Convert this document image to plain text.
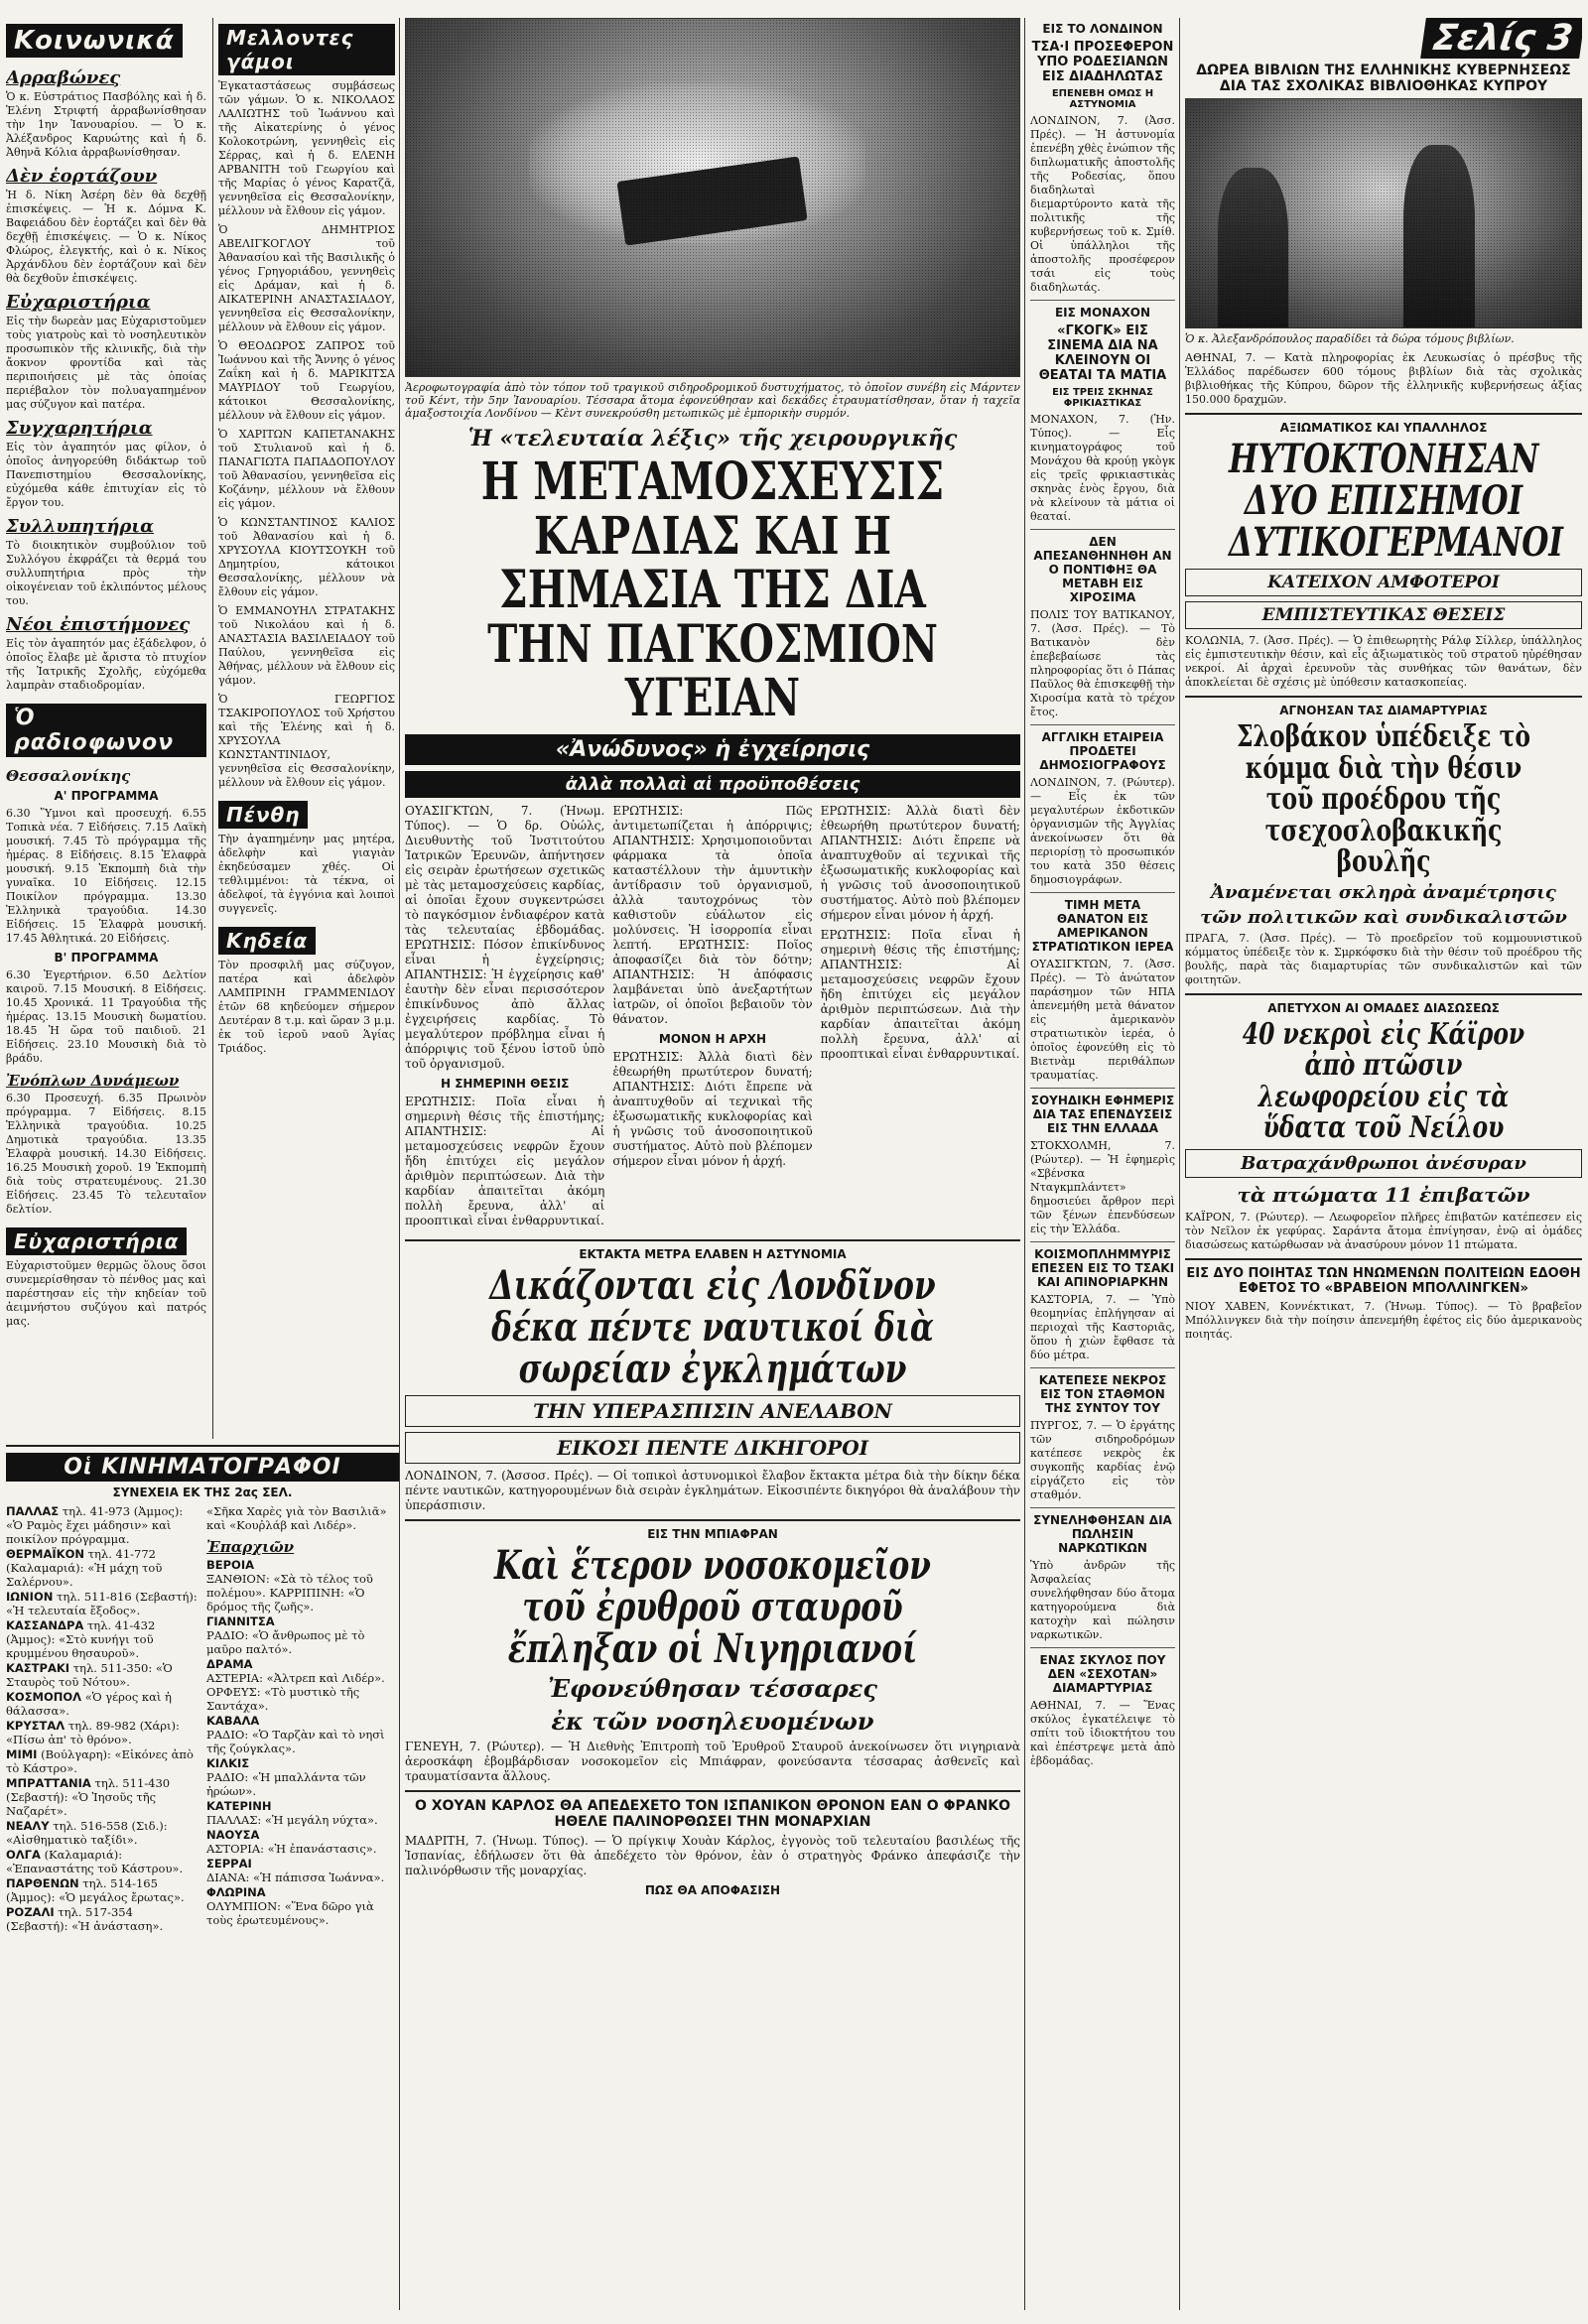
Κοινωνικά
Αρραβώνες

Ὁ κ. Εὐστράτιος Πασβόλης καὶ ἡ δ. Ἑλένη Στριφτή ἀρραβωνίσθησαν τὴν 1ην Ἰανουαρίου. — Ὁ κ. Ἀλέξανδρος Καρυώτης καὶ ἡ δ. Ἀθηνᾶ Κόλια ἀρραβωνίσθησαν.

Δὲν ἑορτάζουν

Ἡ δ. Νίκη Ἀσέρη δὲν θὰ δεχθῇ ἐπισκέψεις. — Ἡ κ. Δόμνα Κ. Βαφειάδου δὲν ἑορτάζει καὶ δὲν θὰ δεχθῇ ἐπισκέψεις. — Ὁ κ. Νίκος Φλώρος, ἐλεγκτής, καὶ ὁ κ. Νίκος Ἀρχάνδλου δὲν ἑορτάζουν καὶ δὲν θὰ δεχθοῦν ἐπισκέψεις.

Εὐχαριστήρια

Εἰς τὴν δωρεὰν μας Εὐχαριστοῦμεν τοὺς γιατροὺς καὶ τὸ νοσηλευτικὸν προσωπικὸν τῆς κλινικῆς, διὰ τὴν ἄοκνον φροντίδα καὶ τὰς περιποιήσεις μὲ τὰς ὁποίας περιέβαλον τὸν πολυαγαπημένον μας σύζυγον καὶ πατέρα.

Συγχαρητήρια

Εἰς τὸν ἀγαπητόν μας φίλον, ὁ ὁποῖος ἀνηγορεύθη διδάκτωρ τοῦ Πανεπιστημίου Θεσσαλονίκης, εὐχόμεθα κάθε ἐπιτυχίαν εἰς τὸ ἔργον του.

Συλλυπητήρια

Τὸ διοικητικὸν συμβούλιον τοῦ Συλλόγου ἐκφράζει τὰ θερμά του συλλυπητήρια πρὸς τὴν οἰκογένειαν τοῦ ἐκλιπόντος μέλους του.

Νέοι ἐπιστήμονες

Εἰς τὸν ἀγαπητόν μας ἐξάδελφον, ὁ ὁποῖος ἔλαβε μὲ ἄριστα τὸ πτυχίον τῆς Ἰατρικῆς Σχολῆς, εὐχόμεθα λαμπρὰν σταδιοδρομίαν.

Ὁ ραδιοφωνον
Θεσσαλονίκης
Α' ΠΡΟΓΡΑΜΜΑ

6.30 Ὕμνοι καὶ προσευχή. 6.55 Τοπικὰ νέα. 7 Εἰδήσεις. 7.15 Λαϊκὴ μουσική. 7.45 Τὸ πρόγραμμα τῆς ἡμέρας. 8 Εἰδήσεις. 8.15 Ἑλαφρὰ μουσική. 9.15 Ἐκπομπὴ διὰ τὴν γυναῖκα. 10 Εἰδήσεις. 12.15 Ποικίλον πρόγραμμα. 13.30 Ἐλληνικὰ τραγούδια. 14.30 Εἰδήσεις. 15 Ἑλαφρὰ μουσική. 17.45 Ἀθλητικά. 20 Εἰδήσεις.

Β' ΠΡΟΓΡΑΜΜΑ

6.30 Ἐγερτήριον. 6.50 Δελτίον καιροῦ. 7.15 Μουσική. 8 Εἰδήσεις. 10.45 Χρονικά. 11 Τραγούδια τῆς ἡμέρας. 13.15 Μουσικὴ δωματίου. 18.45 Ἡ ὥρα τοῦ παιδιοῦ. 21 Εἰδήσεις. 23.10 Μουσικὴ διὰ τὸ βράδυ.

Ἐνόπλων Δυνάμεων

6.30 Προσευχή. 6.35 Πρωινὸν πρόγραμμα. 7 Εἰδήσεις. 8.15 Ἑλληνικὰ τραγούδια. 10.25 Δημοτικὰ τραγούδια. 13.35 Ἐλαφρὰ μουσική. 14.30 Εἰδήσεις. 16.25 Μουσικὴ χοροῦ. 19 Ἐκπομπὴ διὰ τοὺς στρατευμένους. 21.30 Εἰδήσεις. 23.45 Τὸ τελευταῖον δελτίον.

Εὐχαριστήρια

Εὐχαριστοῦμεν θερμῶς ὅλους ὅσοι συνεμερίσθησαν τὸ πένθος μας καὶ παρέστησαν εἰς τὴν κηδείαν τοῦ ἀειμνήστου συζύγου καὶ πατρός μας.

Μελλοντες γάμοι

Ἐγκαταστάσεως συμβάσεως τῶν γάμων. Ὁ κ. ΝΙΚΟΛΑΟΣ ΛΑΛΙΩΤΗΣ τοῦ Ἰωάννου καὶ τῆς Αἰκατερίνης ὁ γένος Κολοκοτρώνη, γεννηθεὶς εἰς Σέρρας, καὶ ἡ δ. ΕΛΕΝΗ ΑΡΒΑΝΙΤΗ τοῦ Γεωργίου καὶ τῆς Μαρίας ὁ γένος Καρατζᾶ, γεννηθεῖσα εἰς Θεσσαλονίκην, μέλλουν νὰ ἔλθουν εἰς γάμον.

Ὁ ΔΗΜΗΤΡΙΟΣ ΑΒΕΛΙΓΚΟΓΛΟΥ τοῦ Ἀθανασίου καὶ τῆς Βασιλικῆς ὁ γένος Γρηγοριάδου, γεννηθεὶς εἰς Δράμαν, καὶ ἡ δ. ΑΙΚΑΤΕΡΙΝΗ ΑΝΑΣΤΑΣΙΑΔΟΥ, γεννηθεῖσα εἰς Θεσσαλονίκην, μέλλουν νὰ ἔλθουν εἰς γάμον.

Ὁ ΘΕΟΔΩΡΟΣ ΖΑΠΡΟΣ τοῦ Ἰωάννου καὶ τῆς Ἄννης ὁ γένος Ζαΐκη καὶ ἡ δ. ΜΑΡΙΚΙΤΣΑ ΜΑΥΡΙΔΟΥ τοῦ Γεωργίου, κάτοικοι Θεσσαλονίκης, μέλλουν νὰ ἔλθουν εἰς γάμον.

Ὁ ΧΑΡΙΤΩΝ ΚΑΠΕΤΑΝΑΚΗΣ τοῦ Στυλιανοῦ καὶ ἡ δ. ΠΑΝΑΓΙΩΤΑ ΠΑΠΑΔΟΠΟΥΛΟΥ τοῦ Ἀθανασίου, γεννηθεῖσα εἰς Κοζάνην, μέλλουν νὰ ἔλθουν εἰς γάμον.

Ὁ ΚΩΝΣΤΑΝΤΙΝΟΣ ΚΑΛΙΟΣ τοῦ Ἀθανασίου καὶ ἡ δ. ΧΡΥΣΟΥΛΑ ΚΙΟΥΤΣΟΥΚΗ τοῦ Δημητρίου, κάτοικοι Θεσσαλονίκης, μέλλουν νὰ ἔλθουν εἰς γάμον.

Ὁ ΕΜΜΑΝΟΥΗΛ ΣΤΡΑΤΑΚΗΣ τοῦ Νικολάου καὶ ἡ δ. ΑΝΑΣΤΑΣΙΑ ΒΑΣΙΛΕΙΑΔΟΥ τοῦ Παύλου, γεννηθεῖσα εἰς Ἀθήνας, μέλλουν νὰ ἔλθουν εἰς γάμον.

Ὁ ΓΕΩΡΓΙΟΣ ΤΣΑΚΙΡΟΠΟΥΛΟΣ τοῦ Χρήστου καὶ τῆς Ἑλένης καὶ ἡ δ. ΧΡΥΣΟΥΛΑ ΚΩΝΣΤΑΝΤΙΝΙΔΟΥ, γεννηθεῖσα εἰς Θεσσαλονίκην, μέλλουν νὰ ἔλθουν εἰς γάμον.

Πένθη

Τὴν ἀγαπημένην μας μητέρα, ἀδελφὴν καὶ γιαγιὰν ἐκηδεύσαμεν χθές. Οἱ τεθλιμμένοι: τὰ τέκνα, οἱ ἀδελφοί, τὰ ἐγγόνια καὶ λοιποὶ συγγενεῖς.

Κηδεία

Τὸν προσφιλῆ μας σύζυγον, πατέρα καὶ ἀδελφὸν ΛΑΜΠΡΙΝΗ ΓΡΑΜΜΕΝΙΔΟΥ ἐτῶν 68 κηδεύομεν σήμερον Δευτέραν 8 τ.μ. καὶ ὥραν 3 μ.μ. ἐκ τοῦ ἱεροῦ ναοῦ Ἁγίας Τριάδος.

Οἱ ΚΙΝΗΜΑΤΟΓΡΑΦΟΙ
ΣΥΝΕΧΕΙΑ ΕΚ ΤΗΣ 2ας ΣΕΛ.
ΠΑΛΛΑΣ τηλ. 41-973 (Ἀμμος): «Ὁ Ραμὸς ἔχει μάδησιν» καὶ ποικίλον πρόγραμμα.
ΘΕΡΜΑΪΚΟΝ τηλ. 41-772 (Καλαμαριά): «Ἡ μάχη τοῦ Σαλέρνου».
ΙΩΝΙΟΝ τηλ. 511-816 (Σεβαστή): «Ἡ τελευταία ἔξοδος».
ΚΑΣΣΑΝΔΡΑ τηλ. 41-432 (Ἀμμος): «Στὸ κυνήγι τοῦ κρυμμένου θησαυροῦ».
ΚΑΣΤΡΑΚΙ τηλ. 511-350: «Ὁ Σταυρὸς τοῦ Νότου».
ΚΟΣΜΟΠΟΛ «Ὁ γέρος καὶ ἡ θάλασσα».
ΚΡΥΣΤΑΛ τηλ. 89-982 (Χάρι): «Πίσω ἀπ' τὸ θρόνο».
ΜΙΜΙ (Βούλγαρη): «Εἰκόνες ἀπὸ τὸ Κάστρο».
ΜΠΡΑΤΤΑΝΙΑ τηλ. 511-430 (Σεβαστή): «Ὁ Ἰησοῦς τῆς Ναζαρέτ».
ΝΕΑΛΥ τηλ. 516-558 (Σιδ.): «Αἰσθηματικὸ ταξίδι».
ΟΛΓΑ (Καλαμαριά): «Ἐπαναστάτης τοῦ Κάστρου».
ΠΑΡΘΕΝΩΝ τηλ. 514-165 (Ἀμμος): «Ὁ μεγάλος ἔρωτας».
ΡΟΖΑΛΙ τηλ. 517-354 (Σεβαστή): «Ἡ ἀνάσταση».
«Σῆκα Χαρὲς γιὰ τὸν Βασιλιᾶ» καὶ «Κουῤλάβ καὶ Λιδέρ».
Ἐπαρχιῶν
ΒΕΡΟΙΑ
ΞΑΝΘΙΟΝ: «Σὰ τὸ τέλος τοῦ πολέμου». ΚΑΡΡΙΠΙΝΗ: «Ὁ δρόμος τῆς ζωῆς».
ΓΙΑΝΝΙΤΣΑ
ΡΑΔΙΟ: «Ὁ ἄνθρωπος μὲ τὸ μαῦρο παλτό».
ΔΡΑΜΑ
ΑΣΤΕΡΙΑ: «Ἀλτρεπ καὶ Λιδέρ». ΟΡΦΕΥΣ: «Τὸ μυστικὸ τῆς Σαντάχα».
ΚΑΒΑΛΑ
ΡΑΔΙΟ: «Ὁ Ταρζὰν καὶ τὸ νησὶ τῆς ζούγκλας».
ΚΙΛΚΙΣ
ΡΑΔΙΟ: «Ἡ μπαλλάντα τῶν ἡρώων».
ΚΑΤΕΡΙΝΗ
ΠΑΛΛΑΣ: «Ἡ μεγάλη νύχτα».
ΝΑΟΥΣΑ
ΑΣΤΟΡΙΑ: «Ἡ ἐπανάστασις».
ΣΕΡΡΑΙ
ΔΙΑΝΑ: «Ἡ πάπισσα Ἰωάννα».
ΦΛΩΡΙΝΑ
ΟΛΥΜΠΙΟΝ: «Ἕνα δῶρο γιὰ τοὺς ἐρωτευμένους».

Ἀεροφωτογραφία ἀπὸ τὸν τόπον τοῦ τραγικοῦ σιδηροδρομικοῦ δυστυχήματος, τὸ ὁποῖον συνέβη εἰς Μάρντεν τοῦ Κέντ, τὴν 5ην Ἰανουαρίου. Τέσσαρα ἄτομα ἐφονεύθησαν καὶ δεκάδες ἐτραυματίσθησαν, ὅταν ἡ ταχεῖα ἁμαξοστοιχία Λονδίνου — Κὲντ συνεκρούσθη μετωπικῶς μὲ ἐμπορικὴν συρμόν.

Ἡ «τελευταία λέξις» τῆς χειρουργικῆς
Η ΜΕΤΑΜΟΣΧΕΥΣΙΣ ΚΑΡΔΙΑΣ ΚΑΙ Η ΣΗΜΑΣΙΑ ΤΗΣ ΔΙΑ ΤΗΝ ΠΑΓΚΟΣΜΙΟΝ ΥΓΕΙΑΝ
«Ἀνώδυνος» ἡ ἐγχείρησις
ἀλλὰ πολλαὶ αἱ προϋποθέσεις

ΟΥΑΣΙΓΚΤΩΝ, 7. (Ἡνωμ. Τύπος). — Ὁ δρ. Οὐώλς, Διευθυντὴς τοῦ Ἰνστιτούτου Ἰατρικῶν Ἐρευνῶν, ἀπήντησεν εἰς σειρὰν ἐρωτήσεων σχετικῶς μὲ τὰς μεταμοσχεύσεις καρδίας, αἱ ὁποῖαι ἔχουν συγκεντρώσει τὸ παγκόσμιον ἐνδιαφέρον κατὰ τὰς τελευταίας ἑβδομάδας. ΕΡΩΤΗΣΙΣ: Πόσον ἐπικίνδυνος εἶναι ἡ ἐγχείρησις; ΑΠΑΝΤΗΣΙΣ: Ἡ ἐγχείρησις καθ' ἑαυτὴν δὲν εἶναι περισσότερον ἐπικίνδυνος ἀπὸ ἄλλας ἐγχειρήσεις καρδίας. Τὸ μεγαλύτερον πρόβλημα εἶναι ἡ ἀπόρριψις τοῦ ξένου ἱστοῦ ὑπὸ τοῦ ὀργανισμοῦ.

Η ΣΗΜΕΡΙΝΗ ΘΕΣΙΣ

ΕΡΩΤΗΣΙΣ: Ποῖα εἶναι ἡ σημερινὴ θέσις τῆς ἐπιστήμης; ΑΠΑΝΤΗΣΙΣ: Αἱ μεταμοσχεύσεις νεφρῶν ἔχουν ἤδη ἐπιτύχει εἰς μεγάλον ἀριθμὸν περιπτώσεων. Διὰ τὴν καρδίαν ἀπαιτεῖται ἀκόμη πολλὴ ἔρευνα, ἀλλ' αἱ προοπτικαὶ εἶναι ἐνθαρρυντικαί.

ΕΡΩΤΗΣΙΣ: Πῶς ἀντιμετωπίζεται ἡ ἀπόρριψις; ΑΠΑΝΤΗΣΙΣ: Χρησιμοποιοῦνται φάρμακα τὰ ὁποῖα καταστέλλουν τὴν ἀμυντικὴν ἀντίδρασιν τοῦ ὀργανισμοῦ, ἀλλὰ ταυτοχρόνως τὸν καθιστοῦν εὐάλωτον εἰς μολύνσεις. Ἡ ἰσορροπία εἶναι λεπτή. ΕΡΩΤΗΣΙΣ: Ποῖος ἀποφασίζει διὰ τὸν δότην; ΑΠΑΝΤΗΣΙΣ: Ἡ ἀπόφασις λαμβάνεται ὑπὸ ἀνεξαρτήτων ἰατρῶν, οἱ ὁποῖοι βεβαιοῦν τὸν θάνατον.

ΜΟΝΟΝ Η ΑΡΧΗ

ΕΡΩΤΗΣΙΣ: Ἀλλὰ διατὶ δὲν ἐθεωρήθη πρωτύτερον δυνατή; ΑΠΑΝΤΗΣΙΣ: Διότι ἔπρεπε νὰ ἀναπτυχθοῦν αἱ τεχνικαὶ τῆς ἐξωσωματικῆς κυκλοφορίας καὶ ἡ γνῶσις τοῦ ἀνοσοποιητικοῦ συστήματος. Αὐτὸ ποὺ βλέπομεν σήμερον εἶναι μόνον ἡ ἀρχή.

ΕΡΩΤΗΣΙΣ: Ἀλλὰ διατὶ δὲν ἐθεωρήθη πρωτύτερον δυνατή; ΑΠΑΝΤΗΣΙΣ: Διότι ἔπρεπε νὰ ἀναπτυχθοῦν αἱ τεχνικαὶ τῆς ἐξωσωματικῆς κυκλοφορίας καὶ ἡ γνῶσις τοῦ ἀνοσοποιητικοῦ συστήματος. Αὐτὸ ποὺ βλέπομεν σήμερον εἶναι μόνον ἡ ἀρχή.

ΕΡΩΤΗΣΙΣ: Ποῖα εἶναι ἡ σημερινὴ θέσις τῆς ἐπιστήμης; ΑΠΑΝΤΗΣΙΣ: Αἱ μεταμοσχεύσεις νεφρῶν ἔχουν ἤδη ἐπιτύχει εἰς μεγάλον ἀριθμὸν περιπτώσεων. Διὰ τὴν καρδίαν ἀπαιτεῖται ἀκόμη πολλὴ ἔρευνα, ἀλλ' αἱ προοπτικαὶ εἶναι ἐνθαρρυντικαί.

ΕΚΤΑΚΤΑ ΜΕΤΡΑ ΕΛΑΒΕΝ Η ΑΣΤΥΝΟΜΙΑ
Δικάζονται εἰς Λονδῖνον δέκα πέντε ναυτικοί διὰ σωρείαν ἐγκλημάτων
ΤΗΝ ΥΠΕΡΑΣΠΙΣΙΝ ΑΝΕΛΑΒΟΝ
ΕΙΚΟΣΙ ΠΕΝΤΕ ΔΙΚΗΓΟΡΟΙ

ΛΟΝΔΙΝΟΝ, 7. (Ἀσσοσ. Πρές). — Οἱ τοπικοὶ ἀστυνομικοὶ ἔλαβον ἔκτακτα μέτρα διὰ τὴν δίκην δέκα πέντε ναυτικῶν, κατηγορουμένων διὰ σειρὰν ἐγκλημάτων. Εἰκοσιπέντε δικηγόροι θὰ ἀναλάβουν τὴν ὑπεράσπισιν.

ΕΙΣ ΤΗΝ ΜΠΙΑΦΡΑΝ
Καὶ ἕτερον νοσοκομεῖον τοῦ ἐρυθροῦ σταυροῦ ἔπληξαν οἱ Νιγηριανοί
Ἐφονεύθησαν τέσσαρες
ἐκ τῶν νοσηλευομένων

ΓΕΝΕΥΗ, 7. (Ρώυτερ). — Ἡ Διεθνὴς Ἐπιτροπὴ τοῦ Ἐρυθροῦ Σταυροῦ ἀνεκοίνωσεν ὅτι νιγηριανὰ ἀεροσκάφη ἐβομβάρδισαν νοσοκομεῖον εἰς Μπιάφραν, φονεύσαντα τέσσαρας ἀσθενεῖς καὶ τραυματίσαντα ἄλλους.

Ο ΧΟΥΑΝ ΚΑΡΛΟΣ ΘΑ ΑΠΕΔΕΧΕΤΟ ΤΟΝ ΙΣΠΑΝΙΚΟΝ ΘΡΟΝΟΝ ΕΑΝ Ο ΦΡΑΝΚΟ ΗΘΕΛΕ ΠΑΛΙΝΟΡΘΩΣΕΙ ΤΗΝ ΜΟΝΑΡΧΙΑΝ

ΜΑΔΡΙΤΗ, 7. (Ἡνωμ. Τύπος). — Ὁ πρίγκιψ Χουὰν Κάρλος, ἐγγονὸς τοῦ τελευταίου βασιλέως τῆς Ἱσπανίας, ἐδήλωσεν ὅτι θὰ ἀπεδέχετο τὸν θρόνον, ἐὰν ὁ στρατηγὸς Φράνκο ἀπεφάσιζε τὴν παλινόρθωσιν τῆς μοναρχίας.

ΠΩΣ ΘΑ ΑΠΟΦΑΣΙΣΗ
ΕΙΣ ΤΟ ΛΟΝΔΙΝΟΝ
ΤΣΑ·Ι ΠΡΟΣΕΦΕΡΟΝ ΥΠΟ ΡΟΔΕΣΙΑΝΩΝ ΕΙΣ ΔΙΑΔΗΛΩΤΑΣ
ΕΠΕΝΕΒΗ ΟΜΩΣ Η ΑΣΤΥΝΟΜΙΑ

ΛΟΝΔΙΝΟΝ, 7. (Ἀσσ. Πρές). — Ἡ ἀστυνομία ἐπενέβη χθὲς ἐνώπιον τῆς διπλωματικῆς ἀποστολῆς τῆς Ροδεσίας, ὅπου διαδηλωταὶ διεμαρτύροντο κατὰ τῆς πολιτικῆς τῆς κυβερνήσεως τοῦ κ. Σμίθ. Οἱ ὑπάλληλοι τῆς ἀποστολῆς προσέφερον τσάι εἰς τοὺς διαδηλωτάς.

ΕΙΣ ΜΟΝΑΧΟΝ
«ΓΚΟΓΚ» ΕΙΣ ΣΙΝΕΜΑ ΔΙΑ ΝΑ ΚΛΕΙΝΟΥΝ ΟΙ ΘΕΑΤΑΙ ΤΑ ΜΑΤΙΑ
ΕΙΣ ΤΡΕΙΣ ΣΚΗΝΑΣ ΦΡΙΚΙΑΣΤΙΚΑΣ

ΜΟΝΑΧΟΝ, 7. (Ἡν. Τύπος). — Εἷς κινηματογράφος τοῦ Μονάχου θὰ κρούῃ γκὸγκ εἰς τρεῖς φρικιαστικὰς σκηνὰς ἑνὸς ἔργου, διὰ νὰ κλείνουν τὰ μάτια οἱ θεαταί.

ΔΕΝ ΑΠΕΣΑΝΘΗΝΗΘΗ ΑΝ Ο ΠΟΝΤΙΦΗΞ ΘΑ ΜΕΤΑΒΗ ΕΙΣ ΧΙΡΟΣΙΜΑ

ΠΟΛΙΣ ΤΟΥ ΒΑΤΙΚΑΝΟΥ, 7. (Ἀσσ. Πρές). — Τὸ Βατικανὸν δὲν ἐπεβεβαίωσε τὰς πληροφορίας ὅτι ὁ Πάπας Παῦλος θὰ ἐπισκεφθῇ τὴν Χιροσίμα κατὰ τὸ τρέχον ἔτος.

ΑΓΓΛΙΚΗ ΕΤΑΙΡΕΙΑ ΠΡΟΔΕΤΕΙ ΔΗΜΟΣΙΟΓΡΑΦΟΥΣ

ΛΟΝΔΙΝΟΝ, 7. (Ρώυτερ). — Εἷς ἐκ τῶν μεγαλυτέρων ἐκδοτικῶν ὀργανισμῶν τῆς Ἀγγλίας ἀνεκοίνωσεν ὅτι θὰ περιορίσῃ τὸ προσωπικόν του κατὰ 350 θέσεις δημοσιογράφων.

ΤΙΜΗ ΜΕΤΑ ΘΑΝΑΤΟΝ ΕΙΣ ΑΜΕΡΙΚΑΝΟΝ ΣΤΡΑΤΙΩΤΙΚΟΝ ΙΕΡΕΑ

ΟΥΑΣΙΓΚΤΩΝ, 7. (Ἀσσ. Πρές). — Τὸ ἀνώτατον παράσημον τῶν ΗΠΑ ἀπενεμήθη μετὰ θάνατον εἰς ἀμερικανὸν στρατιωτικὸν ἱερέα, ὁ ὁποῖος ἐφονεύθη εἰς τὸ Βιετνὰμ περιθάλπων τραυματίας.

ΣΟΥΗΔΙΚΗ ΕΦΗΜΕΡΙΣ ΔΙΑ ΤΑΣ ΕΠΕΝΔΥΣΕΙΣ ΕΙΣ ΤΗΝ ΕΛΛΑΔΑ

ΣΤΟΚΧΟΛΜΗ, 7. (Ρώυτερ). — Ἡ ἐφημερὶς «Σβένσκα Νταγκμπλάντετ» δημοσιεύει ἄρθρον περὶ τῶν ξένων ἐπενδύσεων εἰς τὴν Ἑλλάδα.

ΚΟΙΣΜΟΠΛΗΜΜΥΡΙΣ ΕΠΕΣΕΝ ΕΙΣ ΤΟ ΤΣΑΚΙ ΚΑΙ ΑΠΙΝΟΡΙΑΡΚΗΝ

ΚΑΣΤΟΡΙΑ, 7. — Ὑπὸ θεομηνίας ἐπλήγησαν αἱ περιοχαὶ τῆς Καστοριᾶς, ὅπου ἡ χιὼν ἔφθασε τὰ δύο μέτρα.

ΚΑΤΕΠΕΣΕ ΝΕΚΡΟΣ ΕΙΣ ΤΟΝ ΣΤΑΘΜΟΝ ΤΗΣ ΣΥΝΤΟΥ ΤΟΥ

ΠΥΡΓΟΣ, 7. — Ὁ ἐργάτης τῶν σιδηροδρόμων κατέπεσε νεκρὸς ἐκ συγκοπῆς καρδίας ἐνῷ εἰργάζετο εἰς τὸν σταθμόν.

ΣΥΝΕΛΗΦΘΗΣΑΝ ΔΙΑ ΠΩΛΗΣΙΝ ΝΑΡΚΩΤΙΚΩΝ

Ὑπὸ ἀνδρῶν τῆς Ἀσφαλείας συνελήφθησαν δύο ἄτομα κατηγορούμενα διὰ κατοχὴν καὶ πώλησιν ναρκωτικῶν.

ΕΝΑΣ ΣΚΥΛΟΣ ΠΟΥ ΔΕΝ «ΣΕΧΟΤΑΝ» ΔΙΑΜΑΡΤΥΡΙΑΣ

ΑΘΗΝΑΙ, 7. — Ἕνας σκύλος ἐγκατέλειψε τὸ σπίτι τοῦ ἰδιοκτήτου του καὶ ἐπέστρεψε μετὰ ἀπὸ ἑβδομάδας.

Σελίς 3
ΔΩΡΕΑ ΒΙΒΛΙΩΝ ΤΗΣ ΕΛΛΗΝΙΚΗΣ ΚΥΒΕΡΝΗΣΕΩΣ ΔΙΑ ΤΑΣ ΣΧΟΛΙΚΑΣ ΒΙΒΛΙΟΘΗΚΑΣ ΚΥΠΡΟΥ

Ὁ κ. Ἀλεξανδρόπουλος παραδίδει τὰ δώρα τόμους βιβλίων.

ΑΘΗΝΑΙ, 7. — Κατὰ πληροφορίας ἐκ Λευκωσίας ὁ πρέσβυς τῆς Ἑλλάδος παρέδωσεν 600 τόμους βιβλίων διὰ τὰς σχολικὰς βιβλιοθήκας τῆς Κύπρου, δῶρον τῆς ἑλληνικῆς κυβερνήσεως ἀξίας 150.000 δραχμῶν.

ΑΞΙΩΜΑΤΙΚΟΣ ΚΑΙ ΥΠΑΛΛΗΛΟΣ
ΗΥΤΟΚΤΟΝΗΣΑΝ ΔΥΟ ΕΠΙΣΗΜΟΙ ΔΥΤΙΚΟΓΕΡΜΑΝΟΙ
ΚΑΤΕΙΧΟΝ ΑΜΦΟΤΕΡΟΙ
ΕΜΠΙΣΤΕΥΤΙΚΑΣ ΘΕΣΕΙΣ

ΚΟΛΩΝΙΑ, 7. (Ἀσσ. Πρές). — Ὁ ἐπιθεωρητὴς Ράλφ Σίλλερ, ὑπάλληλος εἰς ἐμπιστευτικὴν θέσιν, καὶ εἷς ἀξιωματικὸς τοῦ στρατοῦ ηὑρέθησαν νεκροί. Αἱ ἀρχαὶ ἐρευνοῦν τὰς συνθήκας τῶν θανάτων, δὲν ἀποκλείεται δὲ σχέσις μὲ ὑπόθεσιν κατασκοπείας.

ΑΓΝΟΗΣΑΝ ΤΑΣ ΔΙΑΜΑΡΤΥΡΙΑΣ
Σλοβάκον ὑπέδειξε τὸ κόμμα διὰ τὴν θέσιν τοῦ προέδρου τῆς τσεχοσλοβακικῆς βουλῆς
Ἀναμένεται σκληρὰ ἀναμέτρησις
τῶν πολιτικῶν καὶ συνδικαλιστῶν

ΠΡΑΓΑ, 7. (Ἀσσ. Πρές). — Τὸ προεδρεῖον τοῦ κομμουνιστικοῦ κόμματος ὑπέδειξε τὸν κ. Σμρκόφσκυ διὰ τὴν θέσιν τοῦ προέδρου τῆς βουλῆς, παρὰ τὰς διαμαρτυρίας τῶν συνδικαλιστῶν καὶ τῶν φοιτητῶν.

ΑΠΕΤΥΧΟΝ ΑΙ ΟΜΑΔΕΣ ΔΙΑΣΩΣΕΩΣ
40 νεκροὶ εἰς Κάϊρον ἀπὸ πτῶσιν λεωφορείου εἰς τὰ ὕδατα τοῦ Νείλου
Βατραχάνθρωποι ἀνέσυραν
τὰ πτώματα 11 ἐπιβατῶν

ΚΑΪΡΟΝ, 7. (Ρώυτερ). — Λεωφορεῖον πλῆρες ἐπιβατῶν κατέπεσεν εἰς τὸν Νεῖλον ἐκ γεφύρας. Σαράντα ἄτομα ἐπνίγησαν, ἐνῷ αἱ ὁμάδες διασώσεως κατώρθωσαν νὰ ἀνασύρουν μόνον 11 πτώματα.

ΕΙΣ ΔΥΟ ΠΟΙΗΤΑΣ ΤΩΝ ΗΝΩΜΕΝΩΝ ΠΟΛΙΤΕΙΩΝ ΕΔΟΘΗ ΕΦΕΤΟΣ ΤΟ «ΒΡΑΒΕΙΟΝ ΜΠΟΛΛΙΝΓΚΕΝ»

ΝΙΟΥ ΧΑΒΕΝ, Κοννέκτικατ, 7. (Ἡνωμ. Τύπος). — Τὸ βραβεῖον Μπόλλινγκεν διὰ τὴν ποίησιν ἀπενεμήθη ἐφέτος εἰς δύο ἀμερικανοὺς ποιητάς.
